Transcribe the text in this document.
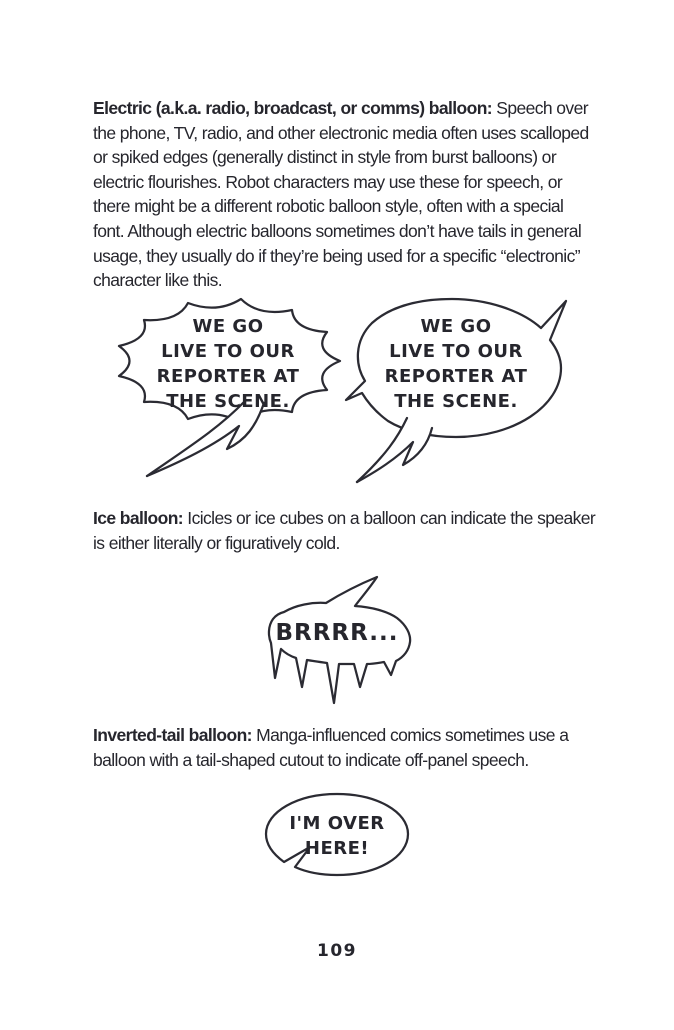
Electric (a.k.a. radio, broadcast, or comms) balloon: Speech over the phone, TV, radio, and other electronic media often uses scalloped or spiked edges (generally distinct in style from burst balloons) or electric flourishes. Robot characters may use these for speech, or there might be a different robotic balloon style, often with a special font. Although electric balloons sometimes don’t have tails in general usage, they usually do if they’re being used for a specific “electronic” character like this.

Ice balloon: Icicles or ice cubes on a balloon can indicate the speaker is either literally or figuratively cold.

Inverted-tail balloon: Manga-influenced comics sometimes use a balloon with a tail-shaped cutout to indicate off-panel speech.

WE GO
LIVE TO OUR
REPORTER AT
THE SCENE.
WE GO
LIVE TO OUR
REPORTER AT
THE SCENE.
BRRRR...
I'M OVER
HERE!
109
